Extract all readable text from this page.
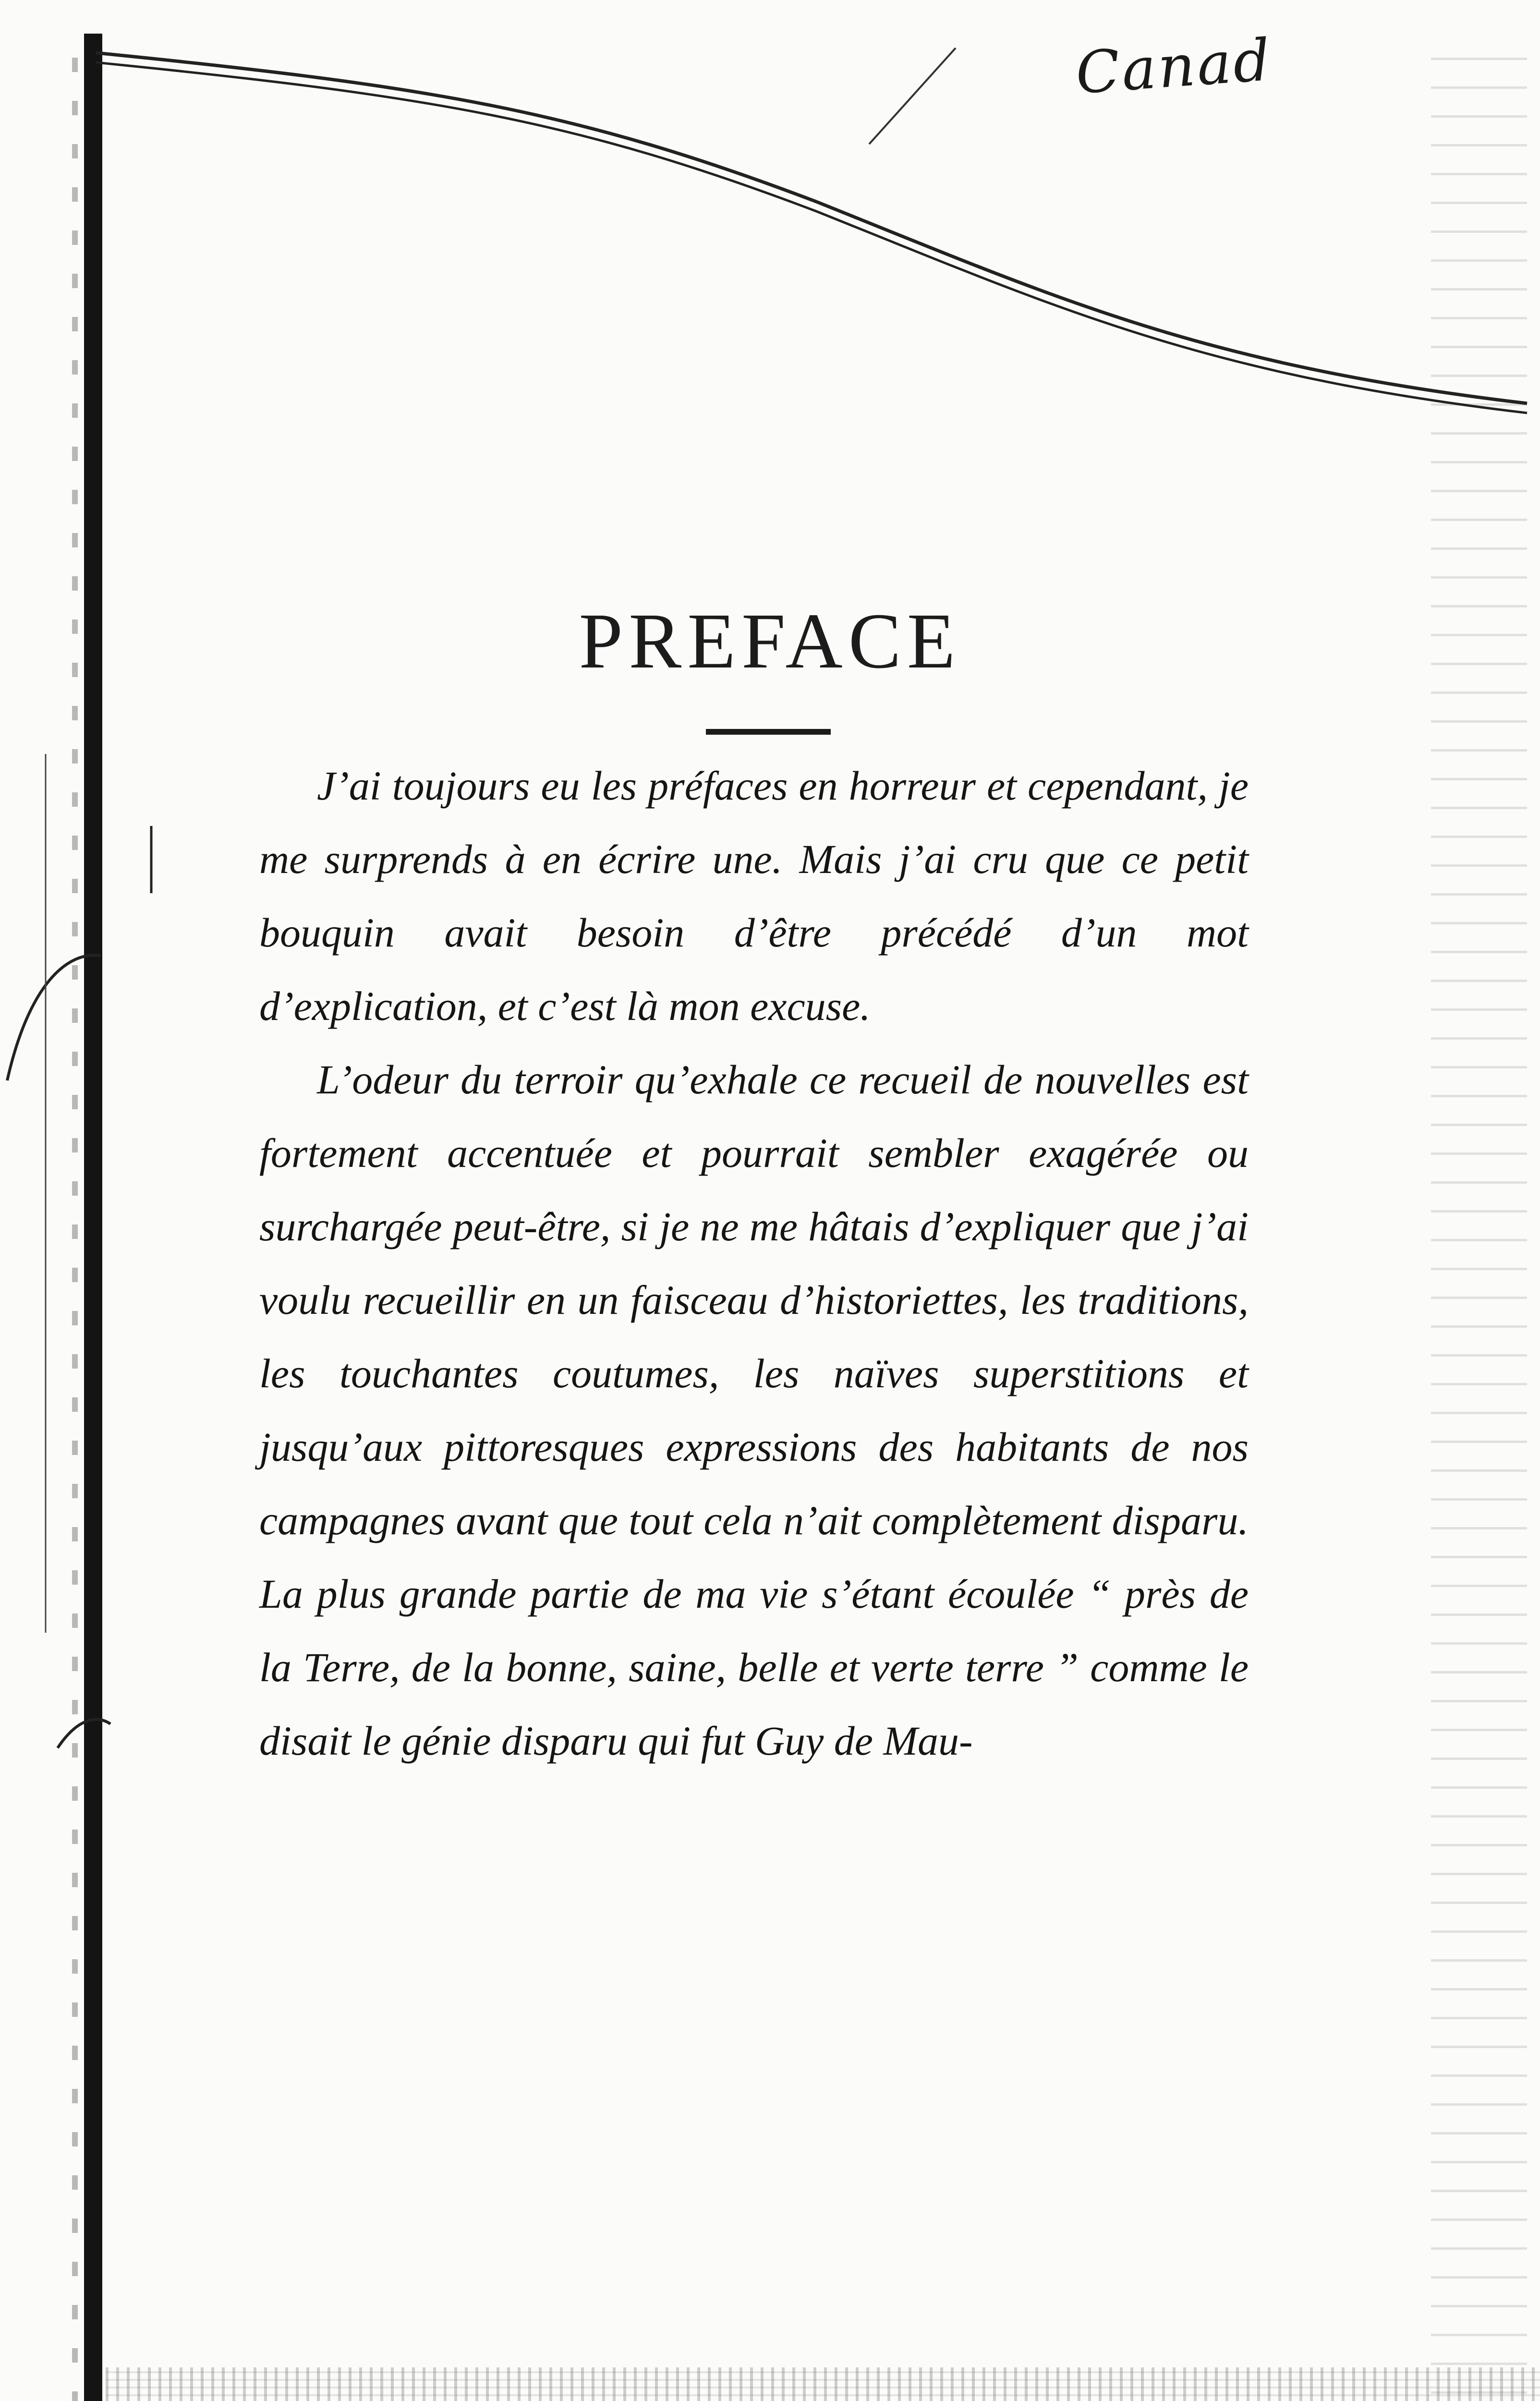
Canad
PREFACE

J’ai toujours eu les préfaces en horreur et cependant, je me surprends à en écrire une. Mais j’ai cru que ce petit bouquin avait besoin d’être précédé d’un mot d’explication, et c’est là mon excuse.

L’odeur du terroir qu’exhale ce recueil de nouvelles est fortement accentuée et pourrait sembler exagérée ou surchargée peut-être, si je ne me hâtais d’expliquer que j’ai voulu recueillir en un faisceau d’historiettes, les traditions, les touchantes coutumes, les naïves superstitions et jusqu’aux pittoresques expressions des habitants de nos campagnes avant que tout cela n’ait complètement disparu. La plus grande partie de ma vie s’étant écoulée “ près de la Terre, de la bonne, saine, belle et verte terre ” comme le disait le génie disparu qui fut Guy de Mau-
